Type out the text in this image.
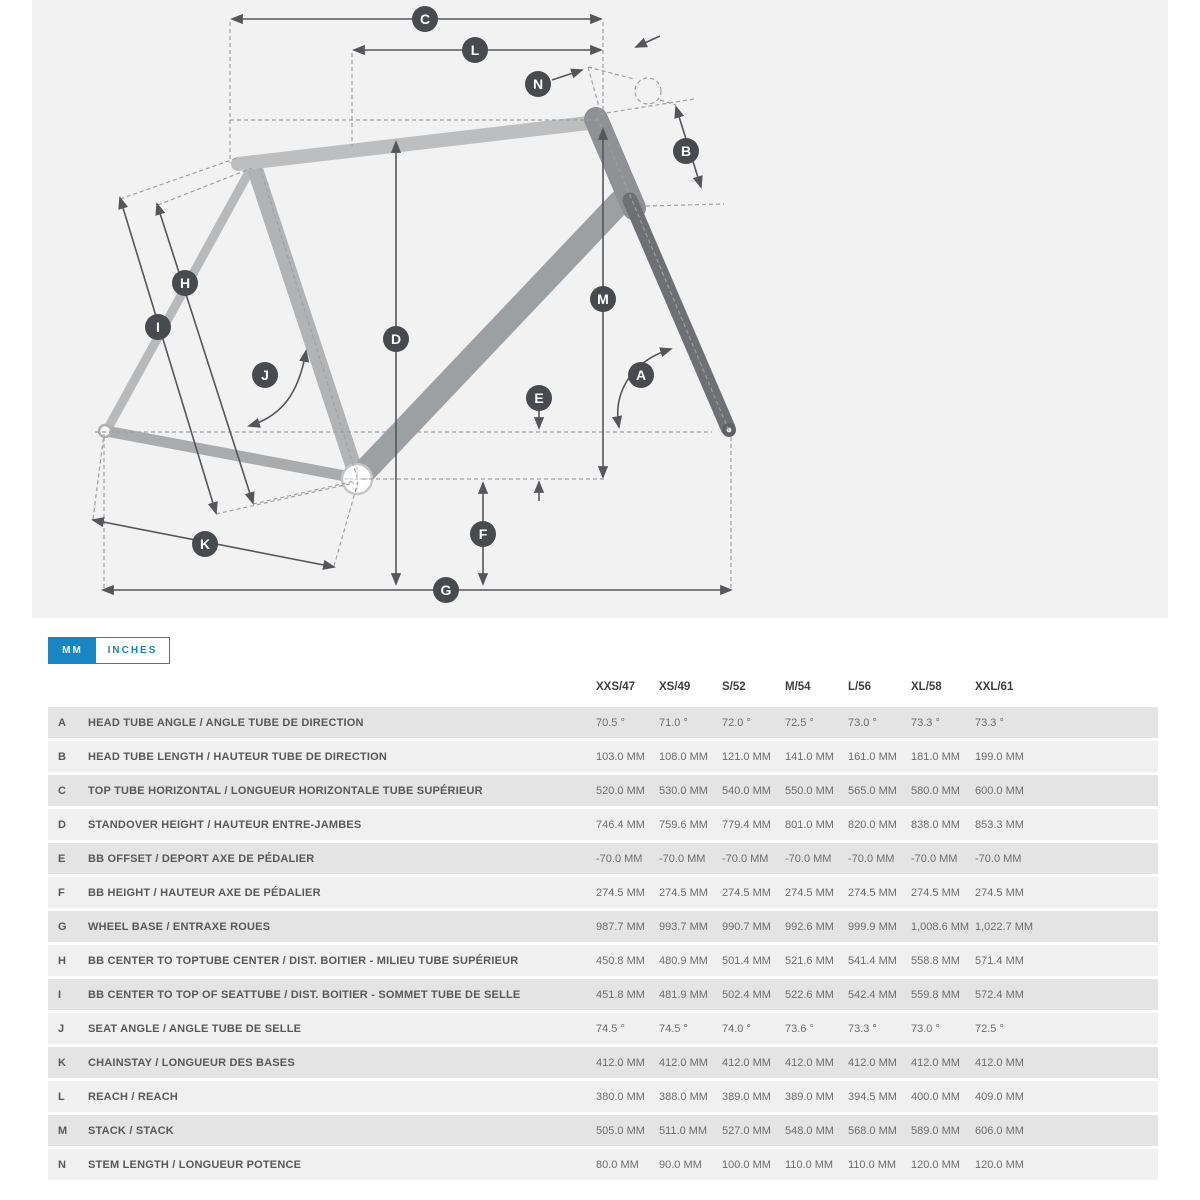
C
L
N
B
H
M
I
D
J	A
E
F
K
G
MM	INCHES
XXS/47	XS/49	S/52	M/54	L/56	XL/58	XXL/61
A	HEAD TUBE ANGLE / ANGLE TUBE DE DIRECTION	70.5 °	71.0 °	72.0 °	72.5 °	73.0 °	73.3 °	73.3 °
B	HEAD TUBE LENGTH / HAUTEUR TUBE DE DIRECTION	103.0 MM	108.0 MM	121.0 MM	141.0 MM	161.0 MM	181.0 MM	199.0 MM
C	TOP TUBE HORIZONTAL / LONGUEUR HORIZONTALE TUBE SUPÉRIEUR	520.0 MM	530.0 MM	540.0 MM	550.0 MM	565.0 MM	580.0 MM	600.0 MM
D	STANDOVER HEIGHT / HAUTEUR ENTRE-JAMBES	746.4 MM	759.6 MM	779.4 MM	801.0 MM	820.0 MM	838.0 MM	853.3 MM
E	BB OFFSET / DEPORT AXE DE PÉDALIER	-70.0 MM	-70.0 MM	-70.0 MM	-70.0 MM	-70.0 MM	-70.0 MM	-70.0 MM
F	BB HEIGHT / HAUTEUR AXE DE PÉDALIER	274.5 MM	274.5 MM	274.5 MM	274.5 MM	274.5 MM	274.5 MM	274.5 MM
G	WHEEL BASE / ENTRAXE ROUES	987.7 MM	993.7 MM	990.7 MM	992.6 MM	999.9 MM	1,008.6 MM 1,022.7 MM
H	BB CENTER TO TOPTUBE CENTER / DIST. BOITIER - MILIEU TUBE SUPÉRIEUR	450.8 MM	480.9 MM	501.4 MM	521.6 MM	541.4 MM	558.8 MM	571.4 MM
I	BB CENTER TO TOP OF SEATTUBE / DIST. BOITIER - SOMMET TUBE DE SELLE	451.8 MM	481.9 MM	502.4 MM	522.6 MM	542.4 MM	559.8 MM	572.4 MM
J	SEAT ANGLE / ANGLE TUBE DE SELLE	74.5 °	74.5 °	74.0 °	73.6 °	73.3 °	73.0 °	72.5 °
K	CHAINSTAY / LONGUEUR DES BASES	412.0 MM	412.0 MM	412.0 MM	412.0 MM	412.0 MM	412.0 MM	412.0 MM
L	REACH / REACH	380.0 MM	388.0 MM	389.0 MM	389.0 MM	394.5 MM	400.0 MM	409.0 MM
M	STACK / STACK	505.0 MM	511.0 MM	527.0 MM	548.0 MM	568.0 MM	589.0 MM	606.0 MM
N	STEM LENGTH / LONGUEUR POTENCE	80.0 MM	90.0 MM	100.0 MM	110.0 MM	110.0 MM	120.0 MM	120.0 MM
